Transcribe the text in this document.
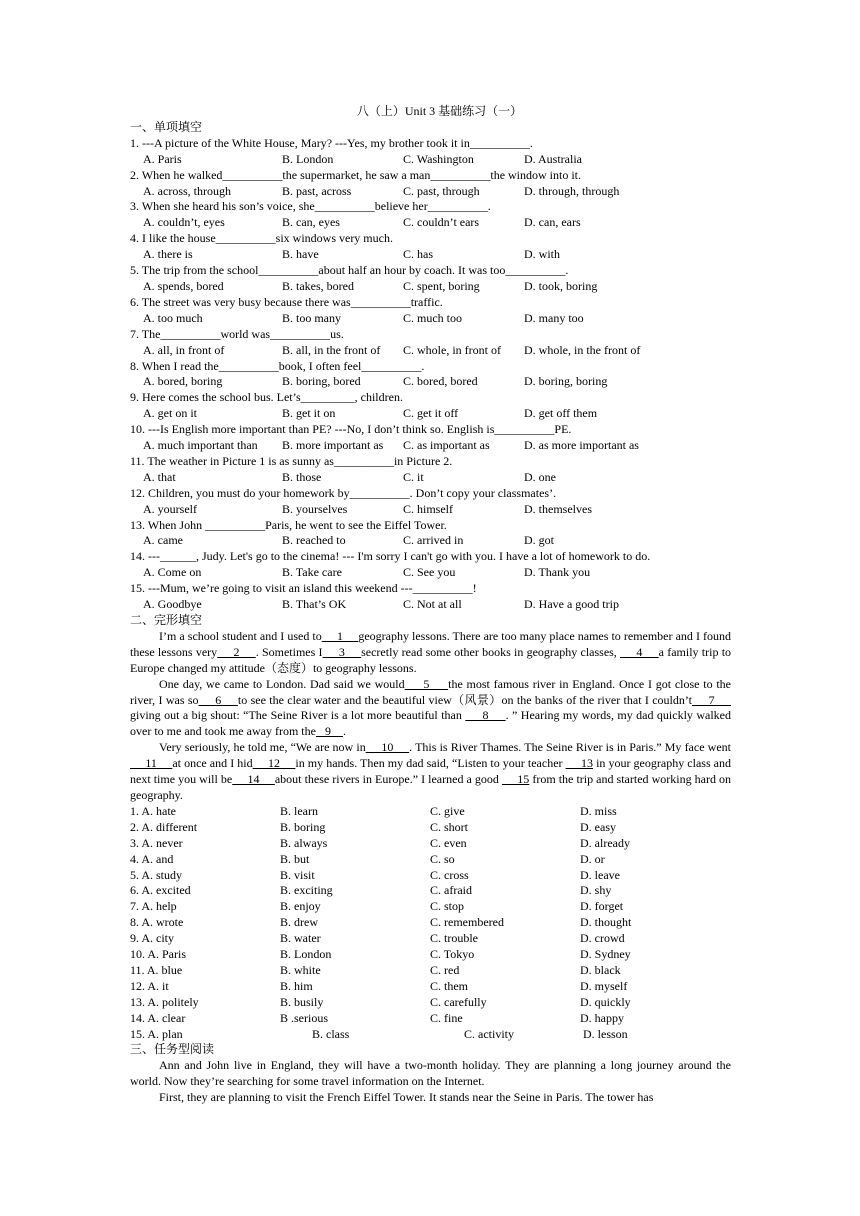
八（上）Unit 3 基础练习（一）
一、单项填空
1. ---A picture of the White House, Mary? ---Yes, my brother took it in__________.
A. Paris	B. London	C. Washington	D. Australia
2. When he walked__________the supermarket, he saw a man__________the window into it.
A. across, through	B. past, across	C. past, through	D. through, through
3. When she heard his son’s voice, she__________believe her__________.
A. couldn’t, eyes	B. can, eyes	C. couldn’t ears	D. can, ears
4. I like the house__________six windows very much.
A. there is	B. have	C. has	D. with
5. The trip from the school__________about half an hour by coach. It was too__________.
A. spends, bored	B. takes, bored	C. spent, boring	D. took, boring
6. The street was very busy because there was__________traffic.
A. too much	B. too many	C. much too	D. many too
7. The__________world was__________us.
A. all, in front of	B. all, in the front of	C. whole, in front of	D. whole, in the front of
8. When I read the__________book, I often feel__________.
A. bored, boring	B. boring, bored	C. bored, bored	D. boring, boring
9. Here comes the school bus. Let’s_________, children.
A. get on it	B. get it on	C. get it off	D. get off them
10. ---Is English more important than PE? ---No, I don’t think so. English is__________PE.
A. much important than	B. more important as	C. as important as	D. as more important as
11. The weather in Picture 1 is as sunny as__________in Picture 2.
A. that	B. those	C. it	D. one
12. Children, you must do your homework by__________. Don’t copy your classmates’.
A. yourself	B. yourselves	C. himself	D. themselves
13. When John __________Paris, he went to see the Eiffel Tower.
A. came	B. reached to	C. arrived in	D. got
14. ---______, Judy. Let's go to the cinema! --- I'm sorry I can't go with you. I have a lot of homework to do.
A. Come on	B. Take care	C. See you	D. Thank you
15. ---Mum, we’re going to visit an island this weekend ---__________!
A. Goodbye	B. That’s OK	C. Not at all	D. Have a good trip
二、完形填空
I’m a school student and I used to     1     geography lessons. There are too many place names to remember and I found these lessons very     2     . Sometimes I     3     secretly read some other books in geography classes,      4     a family trip to Europe changed my attitude（态度）to geography lessons.
One day, we came to London. Dad said we would     5     the most famous river in England. Once I got close to the river, I was so     6     to see the clear water and the beautiful view（风景）on the banks of the river that I couldn’t     7      giving out a big shout: “The Seine River is a lot more beautiful than      8     . ” Hearing my words, my dad quickly walked over to me and took me away from the   9    .
Very seriously, he told me, “We are now in     10     . This is River Thames. The Seine River is in Paris.” My face went     11     at once and I hid     12     in my hands. Then my dad said, “Listen to your teacher      13 in your geography class and next time you will be     14     about these rivers in Europe.” I learned a good      15 from the trip and started working hard on geography.
1. A. hate	B. learn	C. give	D. miss
2. A. different	B. boring	C. short	D. easy
3. A. never	B. always	C. even	D. already
4. A. and	B. but	C. so	D. or
5. A. study	B. visit	C. cross	D. leave
6. A. excited	B. exciting	C. afraid	D. shy
7. A. help	B. enjoy	C. stop	D. forget
8. A. wrote	B. drew	C. remembered	D. thought
9. A. city	B. water	C. trouble	D. crowd
10. A. Paris	B. London	C. Tokyo	D. Sydney
11. A. blue	B. white	C. red	D. black
12. A. it	B. him	C. them	D. myself
13. A. politely	B. busily	C. carefully	D. quickly
14. A. clear	B .serious	C. fine	D. happy
15. A. plan	B. class	C. activity	D. lesson
三、任务型阅读
Ann and John live in England, they will have a two-month holiday. They are planning a long journey around the world. Now they’re searching for some travel information on the Internet.
First, they are planning to visit the French Eiffel Tower. It stands near the Seine in Paris. The tower has
